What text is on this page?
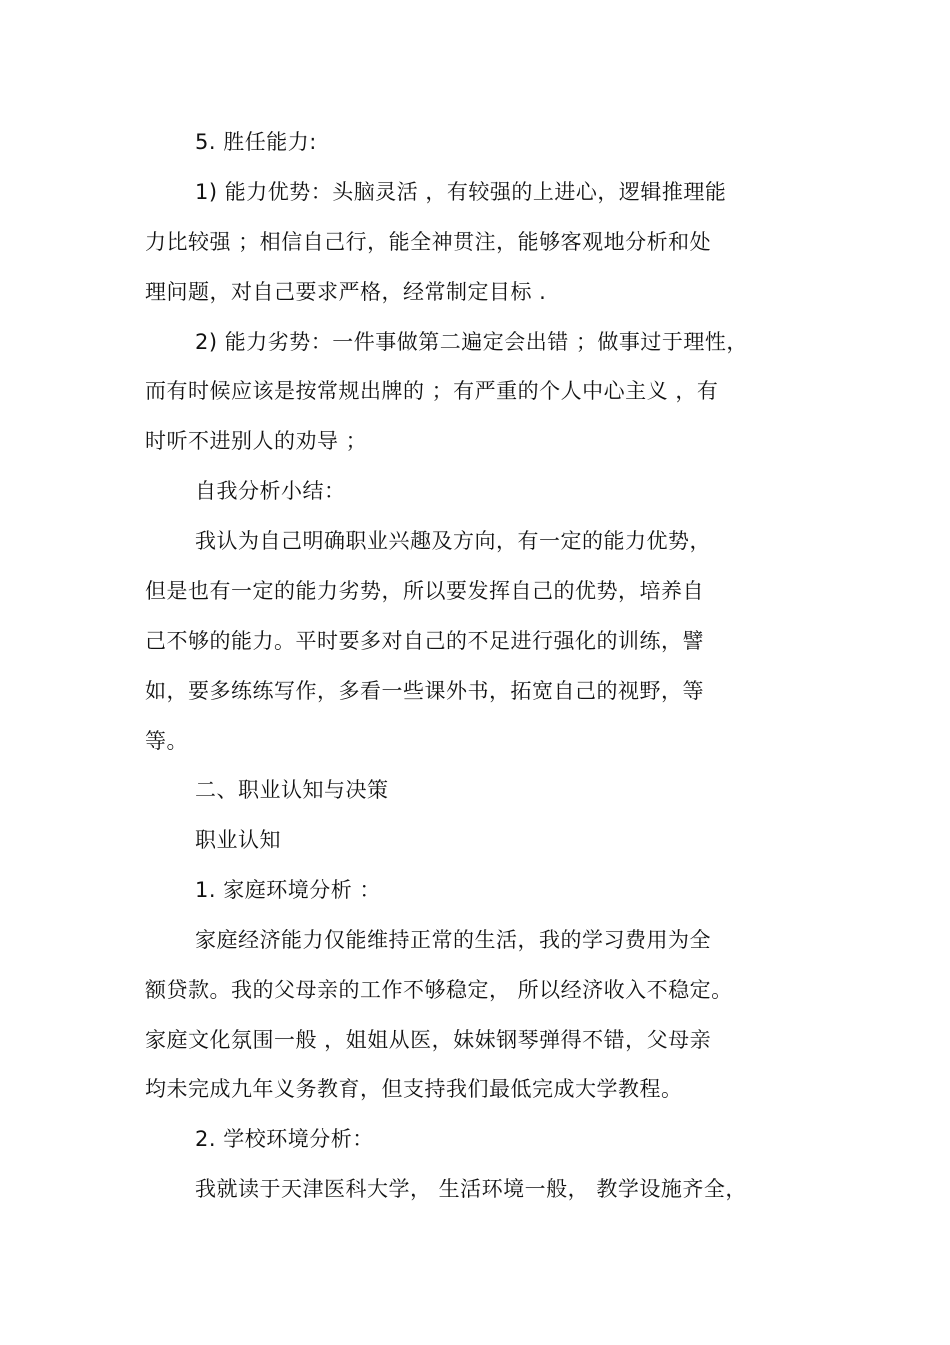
5. 胜任能力:
1) 能力优势：头脑灵活 ，有较强的上进心，逻辑推理能
力比较强 ；相信自己行，能全神贯注，能够客观地分析和处
理问题，对自己要求严格，经常制定目标 .
2) 能力劣势：一件事做第二遍定会出错 ；做事过于理性，
而有时候应该是按常规出牌的 ；有严重的个人中心主义 ，有
时听不进别人的劝导 ；
自我分析小结：
我认为自己明确职业兴趣及方向，有一定的能力优势，
但是也有一定的能力劣势，所以要发挥自己的优势，培养自
己不够的能力。平时要多对自己的不足进行强化的训练，譬
如，要多练练写作，多看一些课外书，拓宽自己的视野，等
等。
二、职业认知与决策
职业认知
1. 家庭环境分析 ：
家庭经济能力仅能维持正常的生活，我的学习费用为全
额贷款。我的父母亲的工作不够稳定， 所以经济收入不稳定。
家庭文化氛围一般 ，姐姐从医，妹妹钢琴弹得不错，父母亲
均未完成九年义务教育，但支持我们最低完成大学教程。
2. 学校环境分析：
我就读于天津医科大学， 生活环境一般， 教学设施齐全，
